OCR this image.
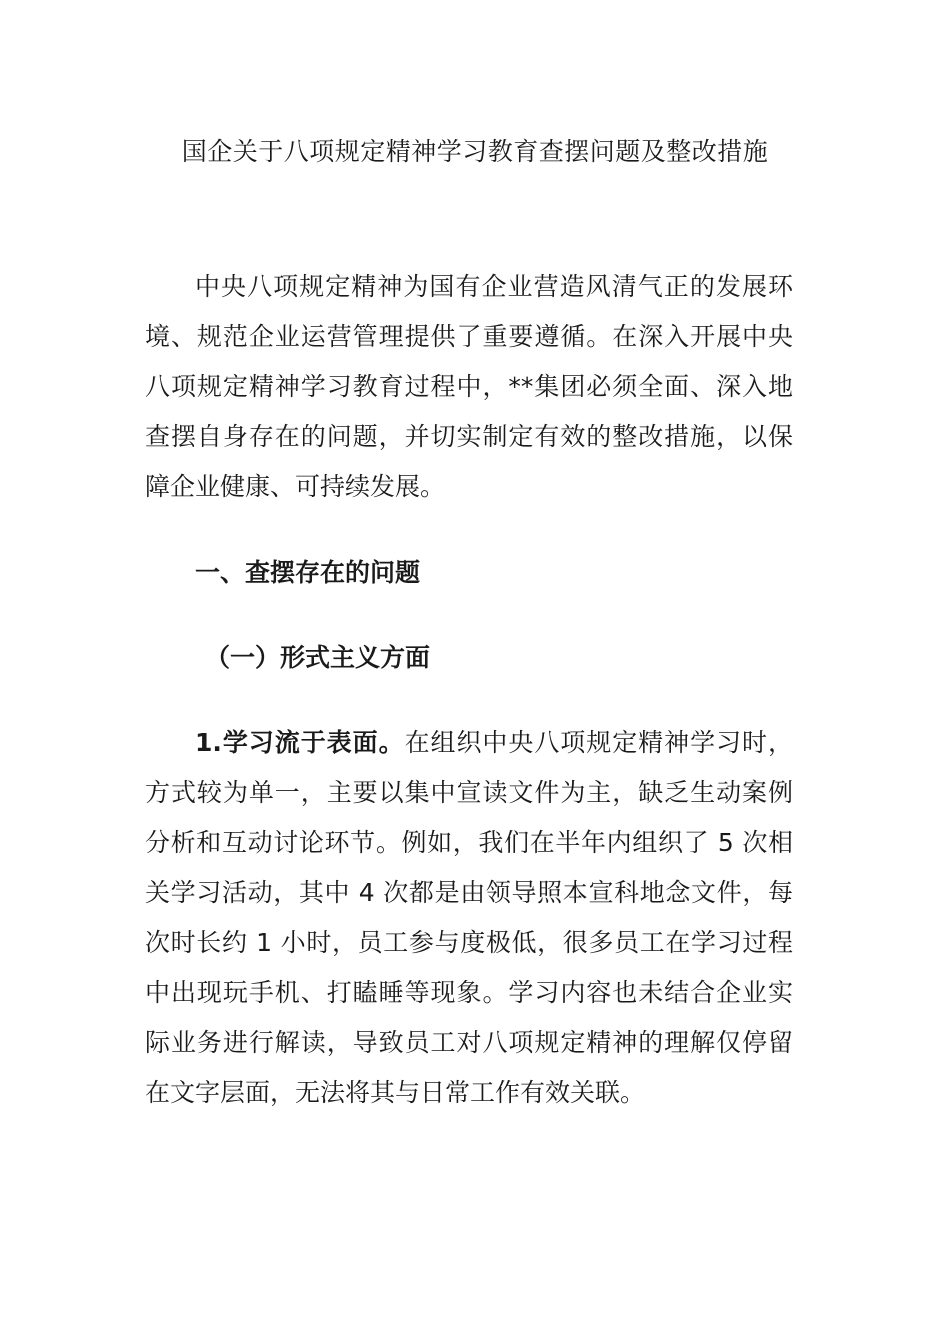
国企关于八项规定精神学习教育查摆问题及整改措施

中央八项规定精神为国有企业营造风清气正的发展环境、规范企业运营管理提供了重要遵循。在深入开展中央八项规定精神学习教育过程中，**集团必须全面、深入地查摆自身存在的问题，并切实制定有效的整改措施，以保障企业健康、可持续发展。

一、查摆存在的问题
（一）形式主义方面

1.学习流于表面。在组织中央八项规定精神学习时，方式较为单一，主要以集中宣读文件为主，缺乏生动案例分析和互动讨论环节。例如，我们在半年内组织了 5 次相关学习活动，其中 4 次都是由领导照本宣科地念文件，每次时长约 1 小时，员工参与度极低，很多员工在学习过程中出现玩手机、打瞌睡等现象。学习内容也未结合企业实际业务进行解读，导致员工对八项规定精神的理解仅停留在文字层面，无法将其与日常工作有效关联。
